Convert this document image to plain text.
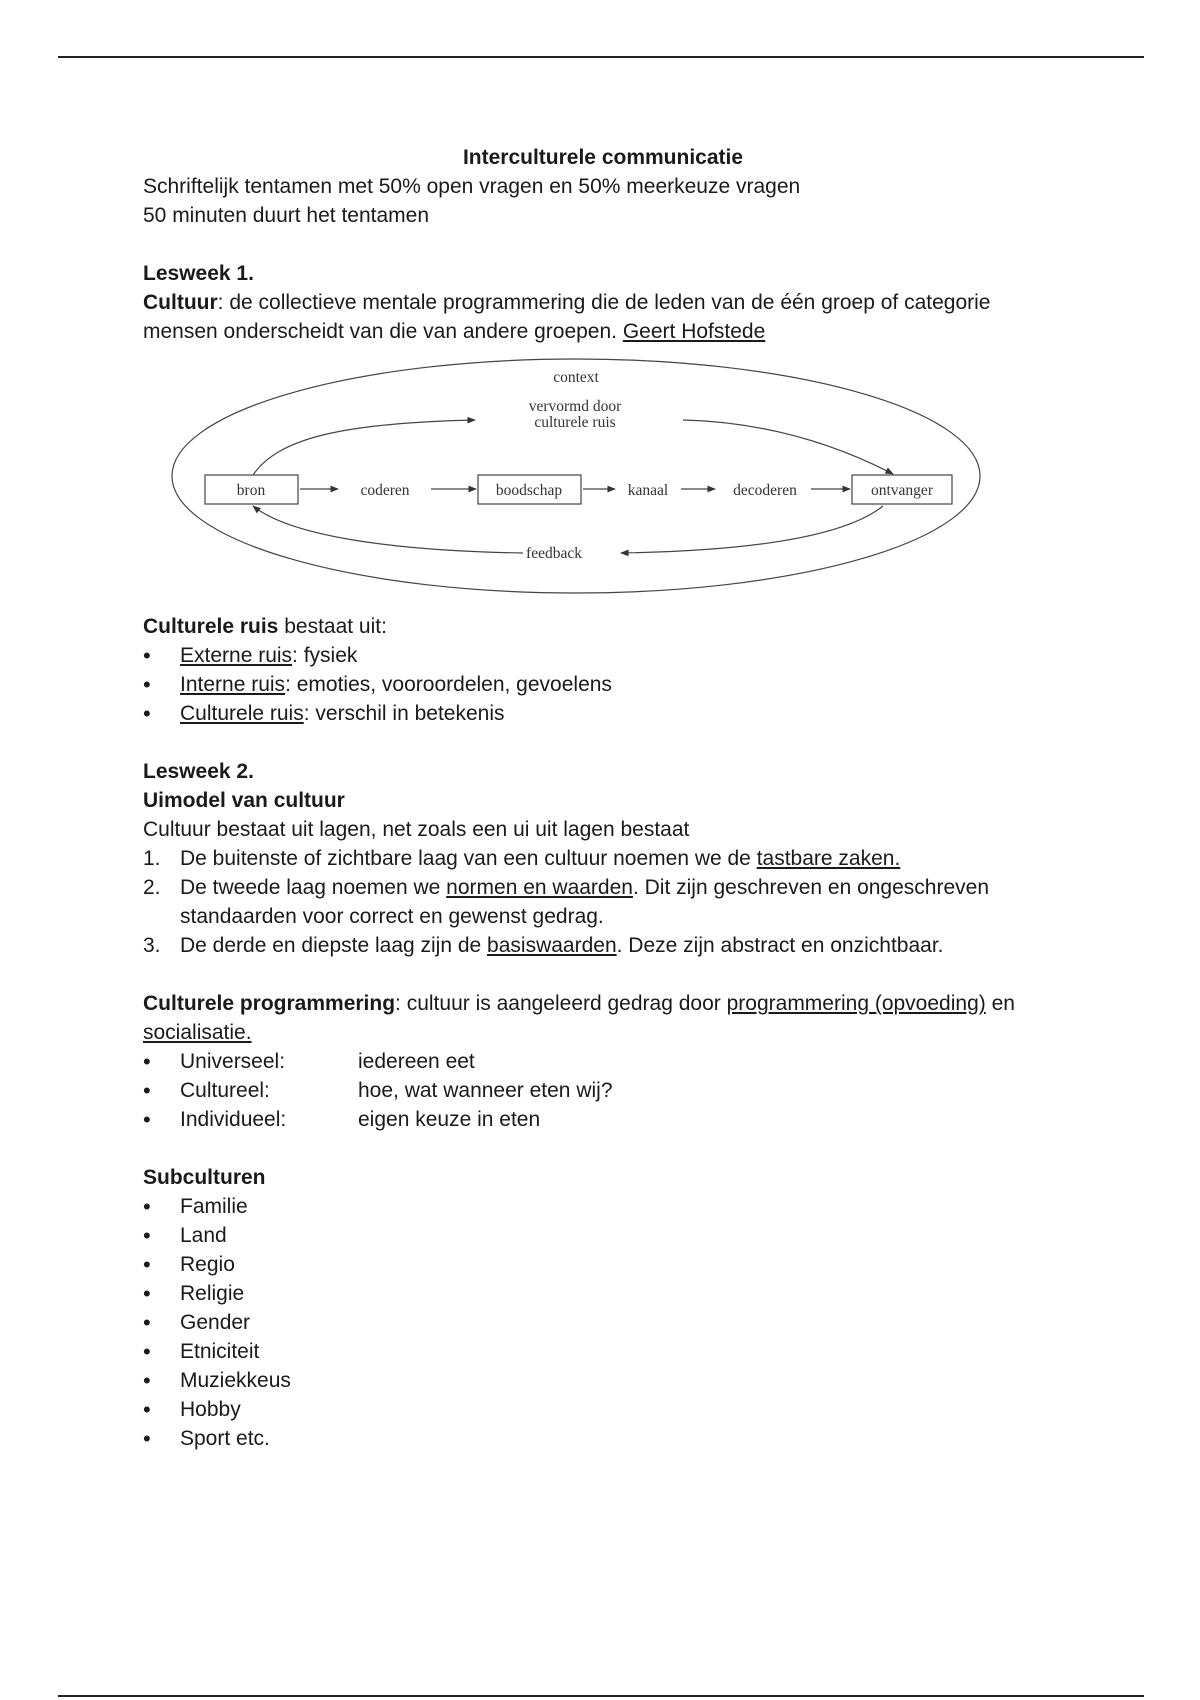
Interculturele communicatie

Schriftelijk tentamen met 50% open vragen en 50% meerkeuze vragen

50 minuten duurt het tentamen

Lesweek 1.

Cultuur: de collectieve mentale programmering die de leden van de één groep of categorie mensen onderscheidt van die van andere groepen. Geert Hofstede

context
vervormd door
culturele ruis
bron	coderen	boodschap	kanaal	decoderen	ontvanger
feedback

Culturele ruis bestaat uit:

• Externe ruis: fysiek
• Interne ruis: emoties, vooroordelen, gevoelens
• Culturele ruis: verschil in betekenis

Lesweek 2.

Uimodel van cultuur

Cultuur bestaat uit lagen, net zoals een ui uit lagen bestaat

1. De buitenste of zichtbare laag van een cultuur noemen we de tastbare zaken.
2. De tweede laag noemen we normen en waarden. Dit zijn geschreven en ongeschreven standaarden voor correct en gewenst gedrag.
3. De derde en diepste laag zijn de basiswaarden. Deze zijn abstract en onzichtbaar.

Culturele programmering: cultuur is aangeleerd gedrag door programmering (opvoeding) en socialisatie.

• Universeel:	iedereen eet
• Cultureel:	hoe, wat wanneer eten wij?
• Individueel:	eigen keuze in eten

Subculturen

• Familie
• Land
• Regio
• Religie
• Gender
• Etniciteit
• Muziekkeus
• Hobby
• Sport etc.
